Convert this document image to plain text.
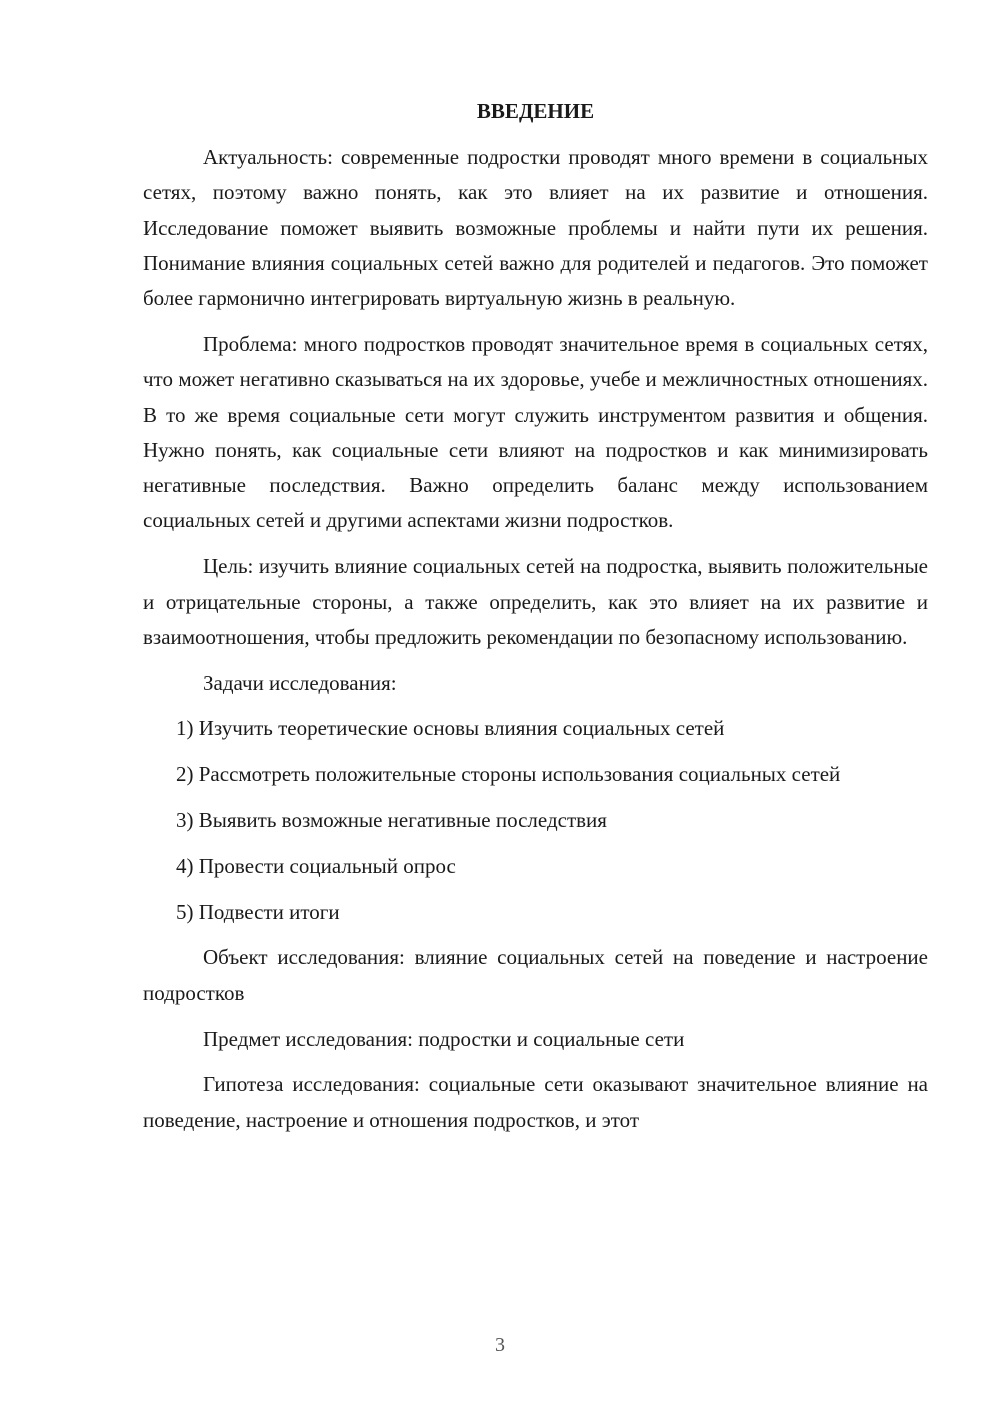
ВВЕДЕНИЕ

Актуальность: современные подростки проводят много времени в социальных сетях, поэтому важно понять, как это влияет на их развитие и отношения. Исследование поможет выявить возможные проблемы и найти пути их решения. Понимание влияния социальных сетей важно для родителей и педагогов. Это поможет более гармонично интегрировать виртуальную жизнь в реальную.

Проблема: много подростков проводят значительное время в социальных сетях, что может негативно сказываться на их здоровье, учебе и межличностных отношениях. В то же время социальные сети могут служить инструментом развития и общения. Нужно понять, как социальные сети влияют на подростков и как минимизировать негативные последствия. Важно определить баланс между использованием социальных сетей и другими аспектами жизни подростков.

Цель: изучить влияние социальных сетей на подростка, выявить положительные и отрицательные стороны, а также определить, как это влияет на их развитие и взаимоотношения, чтобы предложить рекомендации по безопасному использованию.

Задачи исследования:

1) Изучить теоретические основы влияния социальных сетей

2) Рассмотреть положительные стороны использования социальных сетей

3) Выявить возможные негативные последствия

4) Провести социальный опрос

5) Подвести итоги

Объект исследования: влияние социальных сетей на поведение и настроение подростков

Предмет исследования: подростки и социальные сети

Гипотеза исследования: социальные сети оказывают значительное влияние на поведение, настроение и отношения подростков, и этот

3
